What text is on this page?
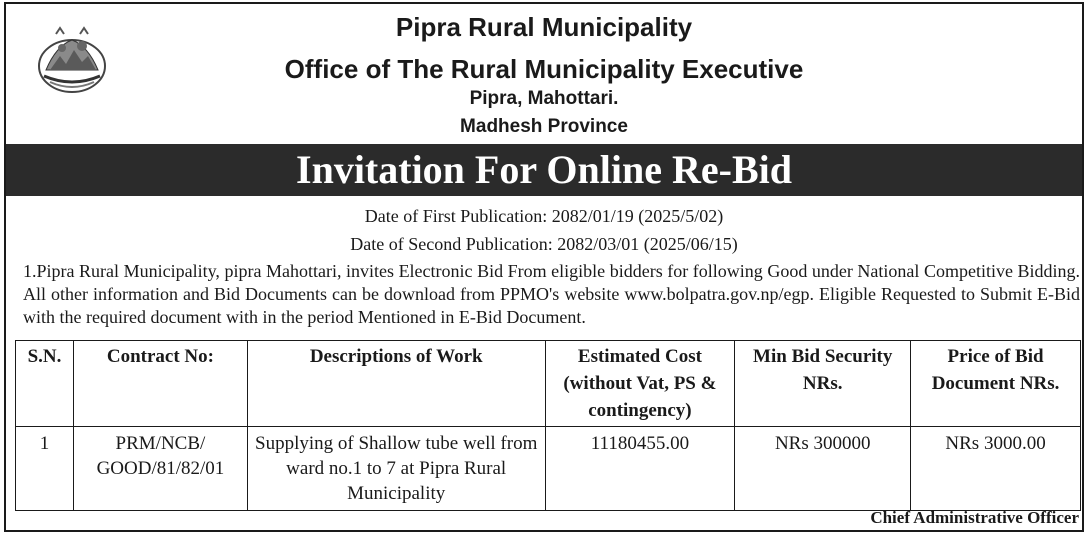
Pipra Rural Municipality
Office of The Rural Municipality Executive
Pipra, Mahottari.
Madhesh Province
Invitation For Online Re-Bid
Date of First Publication: 2082/01/19 (2025/5/02)
Date of Second Publication: 2082/03/01 (2025/06/15)
1.Pipra Rural Municipality, pipra Mahottari, invites Electronic Bid From eligible bidders for following Good under National Competitive Bidding. All other information and Bid Documents can be download from PPMO's website www.bolpatra.gov.np/egp. Eligible Requested to Submit E-Bid with the required document with in the period Mentioned in E-Bid Document.
S.N.	Contract No:	Descriptions of Work	Estimated Cost (without Vat, PS & contingency)	Min Bid Security NRs.	Price of Bid Document NRs.
1	PRM/NCB/ GOOD/81/82/01	Supplying of Shallow tube well from ward no.1 to 7 at Pipra Rural Municipality	11180455.00	NRs 300000	NRs 3000.00
Chief Administrative Officer
